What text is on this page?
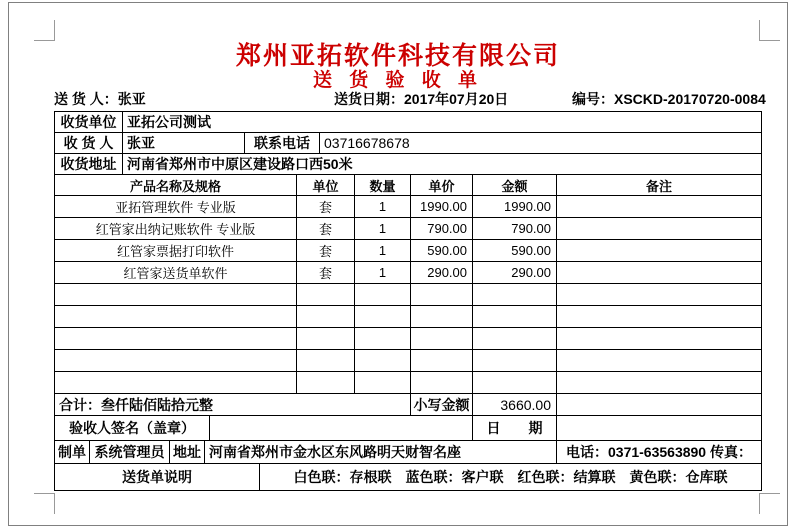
郑州亚拓软件科技有限公司
送 货 验 收 单
送 货 人：张亚	送货日期：2017年07月20日	编号：XSCKD-20170720-0084
收货单位	亚拓公司测试		
收 货 人	张亚	联系电话	03716678678
收货地址	河南省郑州市中原区建设路口西50米		
产品名称及规格	单位	数量	单价	金额	备注
亚拓管理软件 专业版	套	1	1990.00	1990.00	
红管家出纳记账软件 专业版	套	1	790.00	790.00	
红管家票据打印软件	套	1	590.00	590.00	
红管家送货单软件	套	1	290.00	290.00	

合计：叁仟陆佰陆拾元整	小写金额	3660.00	
验收人签名（盖章）		日　　期	
制单	系统管理员	地址	河南省郑州市金水区东风路明天财智名座	电话：0371-63563890 传真：
送货单说明	白色联：存根联　蓝色联：客户联　红色联：结算联　黄色联：仓库联
